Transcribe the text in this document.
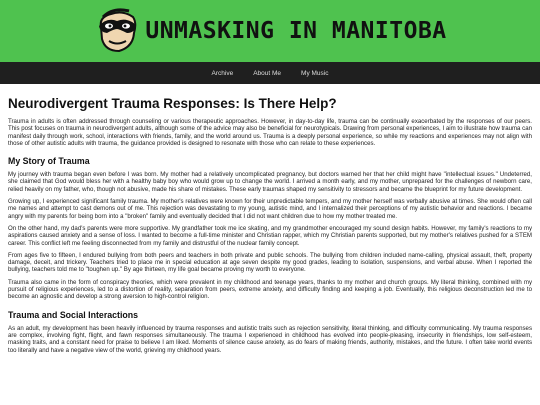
UNMASKING IN MANITOBA
Archive	About Me	My Music
Neurodivergent Trauma Responses: Is There Help?

Trauma in adults is often addressed through counseling or various therapeutic approaches. However, in day-to-day life, trauma can be continually exacerbated by the responses of our peers. This post focuses on trauma in neurodivergent adults, although some of the advice may also be beneficial for neurotypicals. Drawing from personal experiences, I aim to illustrate how trauma can manifest daily through work, school, interactions with friends, family, and the world around us. Trauma is a deeply personal experience, so while my reactions and experiences may not align with those of other autistic adults with trauma, the guidance provided is designed to resonate with those who can relate to these experiences.

My Story of Trauma

My journey with trauma began even before I was born. My mother had a relatively uncomplicated pregnancy, but doctors warned her that her child might have "intellectual issues." Undeterred, she claimed that God would bless her with a healthy baby boy who would grow up to change the world. I arrived a month early, and my mother, unprepared for the challenges of newborn care, relied heavily on my father, who, though not abusive, made his share of mistakes. These early traumas shaped my sensitivity to stressors and became the blueprint for my future development.

Growing up, I experienced significant family trauma. My mother's relatives were known for their unpredictable tempers, and my mother herself was verbally abusive at times. She would often call me names and attempt to cast demons out of me. This rejection was devastating to my young, autistic mind, and I internalized their perceptions of my autistic behavior and reactions. I became angry with my parents for being born into a "broken" family and eventually decided that I did not want children due to how my mother treated me.

On the other hand, my dad's parents were more supportive. My grandfather took me ice skating, and my grandmother encouraged my sound design habits. However, my family's reactions to my aspirations caused anxiety and a sense of loss. I wanted to become a full-time minister and Christian rapper, which my Christian parents supported, but my mother's relatives pushed for a STEM career. This conflict left me feeling disconnected from my family and distrustful of the nuclear family concept.

From ages five to fifteen, I endured bullying from both peers and teachers in both private and public schools. The bullying from children included name-calling, physical assault, theft, property damage, deceit, and trickery. Teachers tried to place me in special education at age seven despite my good grades, leading to isolation, suspensions, and verbal abuse. When I reported the bullying, teachers told me to "toughen up." By age thirteen, my life goal became proving my worth to everyone.

Trauma also came in the form of conspiracy theories, which were prevalent in my childhood and teenage years, thanks to my mother and church groups. My literal thinking, combined with my pursuit of religious experiences, led to a distortion of reality, separation from peers, extreme anxiety, and difficulty finding and keeping a job. Eventually, this religious deconstruction led me to become an agnostic and develop a strong aversion to high-control religion.

Trauma and Social Interactions

As an adult, my development has been heavily influenced by trauma responses and autistic traits such as rejection sensitivity, literal thinking, and difficulty communicating. My trauma responses are complex, involving fight, flight, and fawn responses simultaneously. The trauma I experienced in childhood has evolved into people-pleasing, insecurity in friendships, low self-esteem, masking traits, and a constant need for praise to believe I am liked. Moments of silence cause anxiety, as do fears of making friends, authority, mistakes, and the future. I often take world events too literally and have a negative view of the world, grieving my childhood years.
